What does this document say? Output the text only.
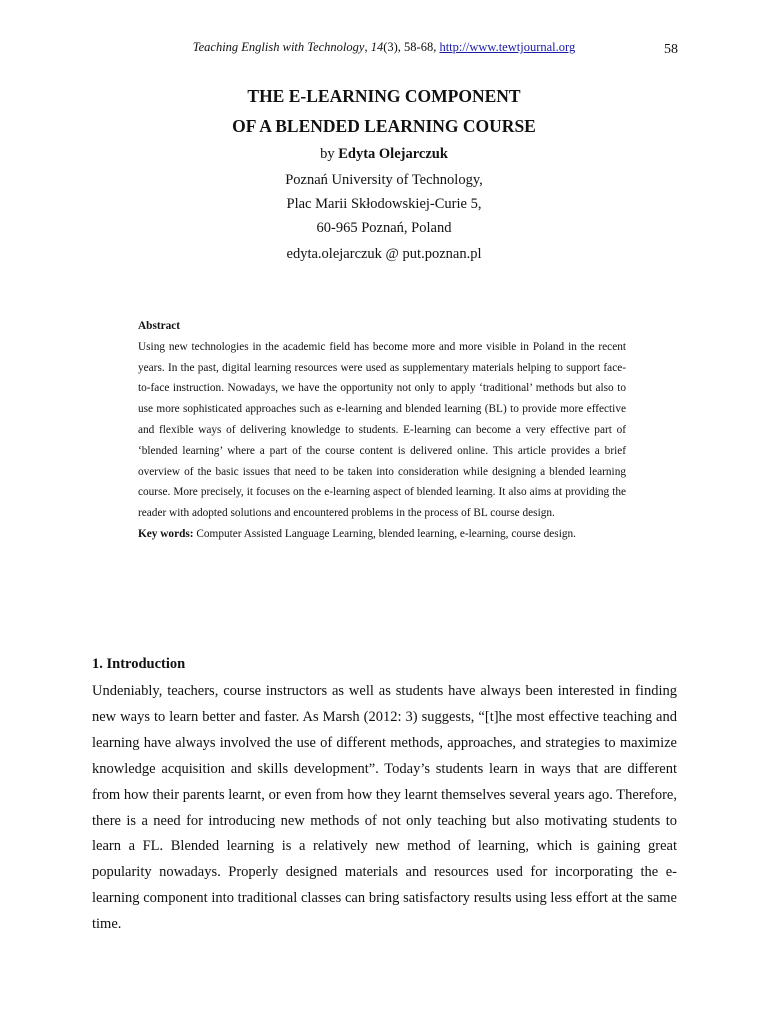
Teaching English with Technology, 14(3), 58-68, http://www.tewtjournal.org	58
THE E-LEARNING COMPONENT
OF A BLENDED LEARNING COURSE
by Edyta Olejarczuk
Poznań University of Technology,
Plac Marii Skłodowskiej-Curie 5,
60-965 Poznań, Poland
edyta.olejarczuk @ put.poznan.pl
Abstract

Using new technologies in the academic field has become more and more visible in Poland in the recent years. In the past, digital learning resources were used as supplementary materials helping to support face-to-face instruction. Nowadays, we have the opportunity not only to apply ‘traditional’ methods but also to use more sophisticated approaches such as e-learning and blended learning (BL) to provide more effective and flexible ways of delivering knowledge to students. E-learning can become a very effective part of ‘blended learning’ where a part of the course content is delivered online. This article provides a brief overview of the basic issues that need to be taken into consideration while designing a blended learning course. More precisely, it focuses on the e-learning aspect of blended learning. It also aims at providing the reader with adopted solutions and encountered problems in the process of BL course design.

Key words: Computer Assisted Language Learning, blended learning, e-learning, course design.

1. Introduction

Undeniably, teachers, course instructors as well as students have always been interested in finding new ways to learn better and faster. As Marsh (2012: 3) suggests, “[t]he most effective teaching and learning have always involved the use of different methods, approaches, and strategies to maximize knowledge acquisition and skills development”. Today’s students learn in ways that are different from how their parents learnt, or even from how they learnt themselves several years ago. Therefore, there is a need for introducing new methods of not only teaching but also motivating students to learn a FL. Blended learning is a relatively new method of learning, which is gaining great popularity nowadays. Properly designed materials and resources used for incorporating the e-learning component into traditional classes can bring satisfactory results using less effort at the same time.
